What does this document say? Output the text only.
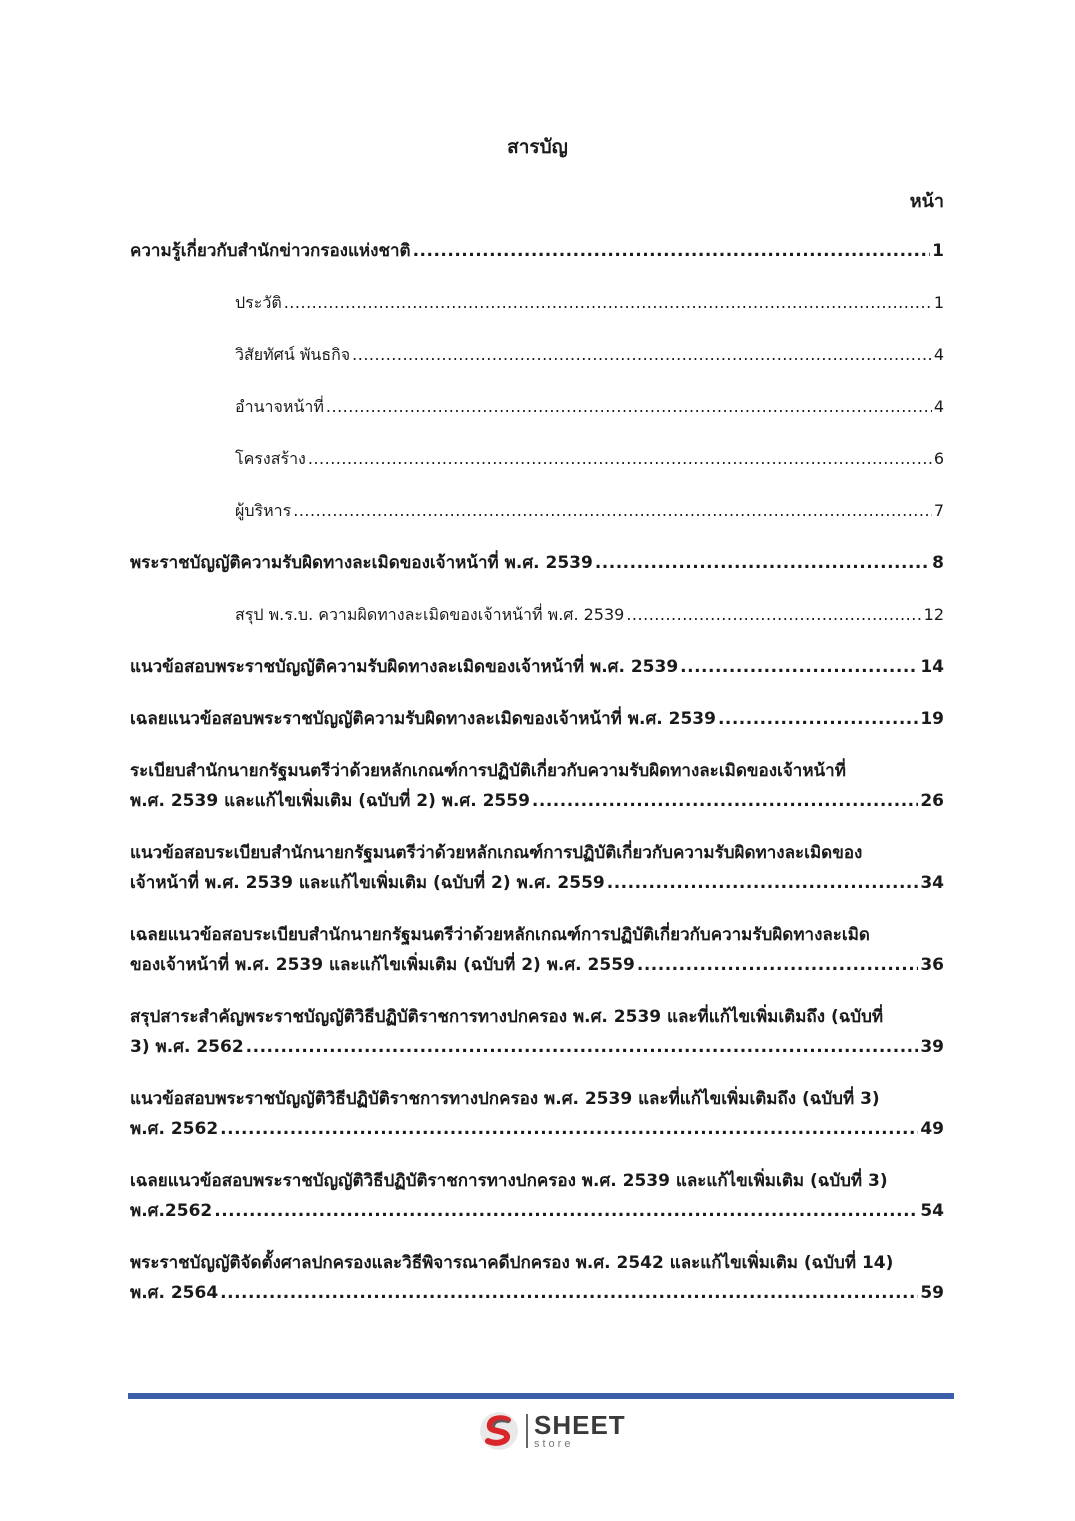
สารบัญ
หน้า
ความรู้เกี่ยวกับสำนักข่าวกรองแห่งชาติ .....	1
ประวัติ .....	1
วิสัยทัศน์ พันธกิจ .....	4
อำนาจหน้าที่ .....	4
โครงสร้าง .....	6
ผู้บริหาร .....	7
พระราชบัญญัติความรับผิดทางละเมิดของเจ้าหน้าที่ พ.ศ. 2539 .....	8
สรุป พ.ร.บ. ความผิดทางละเมิดของเจ้าหน้าที่ พ.ศ. 2539 .....	12
แนวข้อสอบพระราชบัญญัติความรับผิดทางละเมิดของเจ้าหน้าที่ พ.ศ. 2539 .....	14
เฉลยแนวข้อสอบพระราชบัญญัติความรับผิดทางละเมิดของเจ้าหน้าที่ พ.ศ. 2539 .....	19
ระเบียบสำนักนายกรัฐมนตรีว่าด้วยหลักเกณฑ์การปฏิบัติเกี่ยวกับความรับผิดทางละเมิดของเจ้าหน้าที่
พ.ศ. 2539 และแก้ไขเพิ่มเติม (ฉบับที่ 2) พ.ศ. 2559 .....	26
แนวข้อสอบระเบียบสำนักนายกรัฐมนตรีว่าด้วยหลักเกณฑ์การปฏิบัติเกี่ยวกับความรับผิดทางละเมิดของ
เจ้าหน้าที่ พ.ศ. 2539 และแก้ไขเพิ่มเติม (ฉบับที่ 2) พ.ศ. 2559 .....	34
เฉลยแนวข้อสอบระเบียบสำนักนายกรัฐมนตรีว่าด้วยหลักเกณฑ์การปฏิบัติเกี่ยวกับความรับผิดทางละเมิด
ของเจ้าหน้าที่ พ.ศ. 2539 และแก้ไขเพิ่มเติม (ฉบับที่ 2) พ.ศ. 2559 .....	36
สรุปสาระสำคัญพระราชบัญญัติวิธีปฏิบัติราชการทางปกครอง พ.ศ. 2539 และที่แก้ไขเพิ่มเติมถึง (ฉบับที่
3) พ.ศ. 2562 .....	39
แนวข้อสอบพระราชบัญญัติวิธีปฏิบัติราชการทางปกครอง พ.ศ. 2539 และที่แก้ไขเพิ่มเติมถึง (ฉบับที่ 3)
พ.ศ. 2562 .....	49
เฉลยแนวข้อสอบพระราชบัญญัติวิธีปฏิบัติราชการทางปกครอง พ.ศ. 2539 และแก้ไขเพิ่มเติม (ฉบับที่ 3)
พ.ศ.2562 .....	54
พระราชบัญญัติจัดตั้งศาลปกครองและวิธีพิจารณาคดีปกครอง พ.ศ. 2542 และแก้ไขเพิ่มเติม (ฉบับที่ 14)
พ.ศ. 2564 .....	59
SHEET
store
